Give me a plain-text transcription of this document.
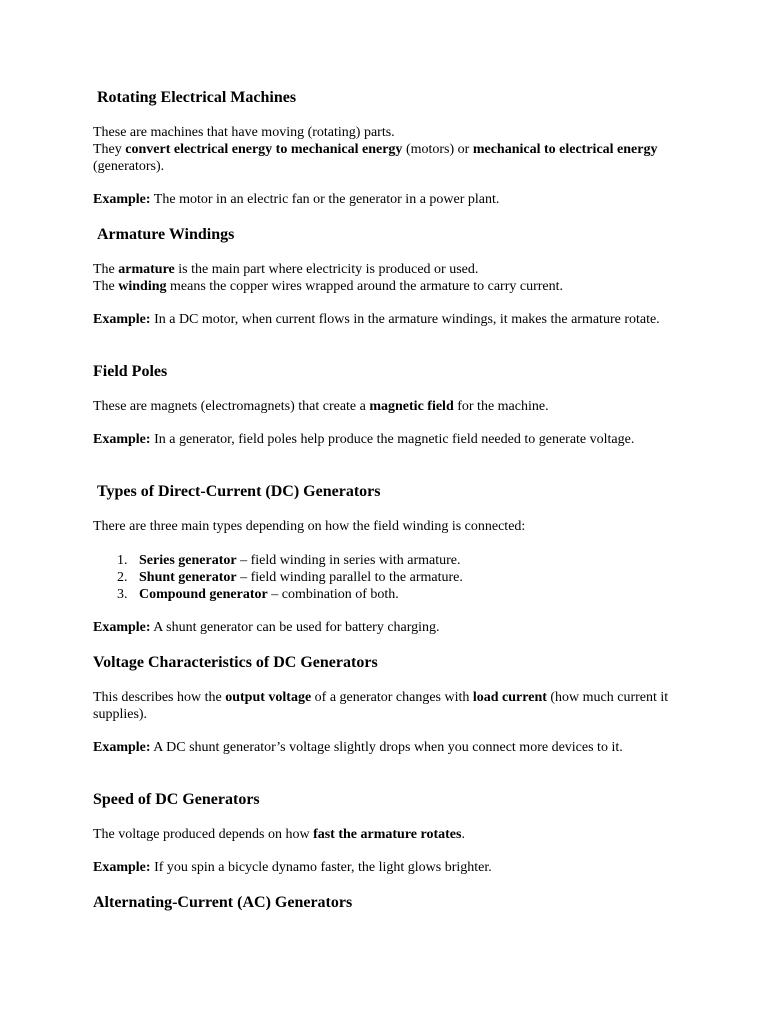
Rotating Electrical Machines

These are machines that have moving (rotating) parts.
They convert electrical energy to mechanical energy (motors) or mechanical to electrical energy (generators).

Example: The motor in an electric fan or the generator in a power plant.

Armature Windings

The armature is the main part where electricity is produced or used.
The winding means the copper wires wrapped around the armature to carry current.

Example: In a DC motor, when current flows in the armature windings, it makes the armature rotate.

Field Poles

These are magnets (electromagnets) that create a magnetic field for the machine.

Example: In a generator, field poles help produce the magnetic field needed to generate voltage.

Types of Direct-Current (DC) Generators

There are three main types depending on how the field winding is connected:

1. Series generator – field winding in series with armature.
2. Shunt generator – field winding parallel to the armature.
3. Compound generator – combination of both.

Example: A shunt generator can be used for battery charging.

Voltage Characteristics of DC Generators

This describes how the output voltage of a generator changes with load current (how much current it supplies).

Example: A DC shunt generator’s voltage slightly drops when you connect more devices to it.

Speed of DC Generators

The voltage produced depends on how fast the armature rotates.

Example: If you spin a bicycle dynamo faster, the light glows brighter.

Alternating-Current (AC) Generators
